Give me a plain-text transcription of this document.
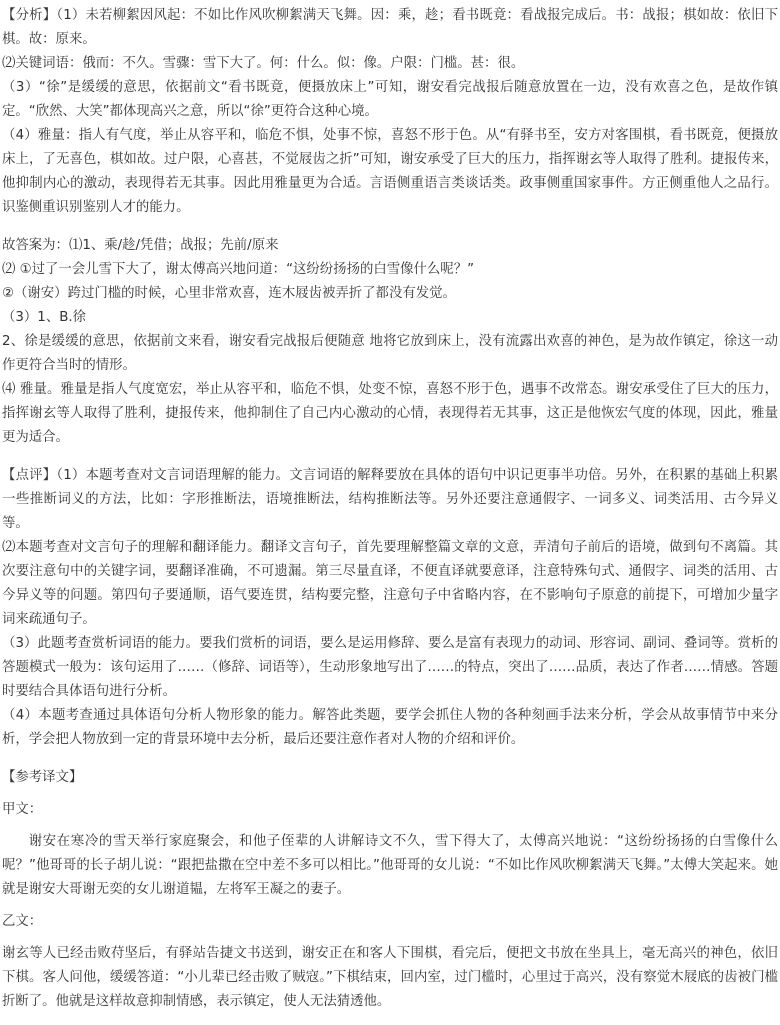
【分析】（1）未若柳絮因风起：不如比作风吹柳絮满天飞舞。因：乘，趁；看书既竟：看战报完成后。书：战报；棋如故：依旧下棋。故：原来。

⑵关键词语：俄而：不久。雪骤：雪下大了。何：什么。似：像。户限：门槛。甚：很。

（3）“徐”是缓缓的意思，依据前文“看书既竟，便摄放床上”可知，谢安看完战报后随意放置在一边，没有欢喜之色，是故作镇定。“欣然、大笑”都体现高兴之意，所以“徐”更符合这种心境。

（4）雅量：指人有气度，举止从容平和，临危不惧，处事不惊，喜怒不形于色。从“有驿书至，安方对客围棋，看书既竟，便摄放床上，了无喜色，棋如故。过户限，心喜甚，不觉屐齿之折”可知，谢安承受了巨大的压力，指挥谢玄等人取得了胜利。捷报传来，他抑制内心的激动，表现得若无其事。因此用雅量更为合适。言语侧重语言类谈话类。政事侧重国家事件。方正侧重他人之品行。识鉴侧重识别鉴别人才的能力。

故答案为：⑴1、乘/趁/凭借；战报；先前/原来

⑵ ①过了一会儿雪下大了，谢太傅高兴地问道：“这纷纷扬扬的白雪像什么呢？”

②（谢安）跨过门槛的时候，心里非常欢喜，连木屐齿被弄折了都没有发觉。

（3）1、B.徐

2、徐是缓缓的意思，依据前文来看，谢安看完战报后便随意 地将它放到床上，没有流露出欢喜的神色，是为故作镇定，徐这一动作更符合当时的情形。

⑷ 雅量。雅量是指人气度宽宏，举止从容平和，临危不惧，处变不惊，喜怒不形于色，遇事不改常态。谢安承受住了巨大的压力，指挥谢玄等人取得了胜利，捷报传来，他抑制住了自己内心激动的心情，表现得若无其事，这正是他恢宏气度的体现，因此，雅量更为适合。

【点评】（1）本题考查对文言词语理解的能力。文言词语的解释要放在具体的语句中识记更事半功倍。另外，在积累的基础上积累一些推断词义的方法，比如：字形推断法，语境推断法，结构推断法等。另外还要注意通假字、一词多义、词类活用、古今异义等。

⑵本题考查对文言句子的理解和翻译能力。翻译文言句子，首先要理解整篇文章的文意，弄清句子前后的语境，做到句不离篇。其次要注意句中的关键字词，要翻译准确，不可遗漏。第三尽量直译，不便直译就要意译，注意特殊句式、通假字、词类的活用、古今异义等的问题。第四句子要通顺，语气要连贯，结构要完整，注意句子中省略内容，在不影响句子原意的前提下，可增加少量字词来疏通句子。

（3）此题考查赏析词语的能力。要我们赏析的词语，要么是运用修辞、要么是富有表现力的动词、形容词、副词、叠词等。赏析的答题模式一般为：该句运用了……（修辞、词语等），生动形象地写出了……的特点，突出了……品质，表达了作者……情感。答题时要结合具体语句进行分析。

（4）本题考查通过具体语句分析人物形象的能力。解答此类题，要学会抓住人物的各种刻画手法来分析，学会从故事情节中来分析，学会把人物放到一定的背景环境中去分析，最后还要注意作者对人物的介绍和评价。

【参考译文】

甲文：

谢安在寒冷的雪天举行家庭聚会，和他子侄辈的人讲解诗文不久，雪下得大了，太傅高兴地说：“这纷纷扬扬的白雪像什么呢？”他哥哥的长子胡儿说：“跟把盐撒在空中差不多可以相比。”他哥哥的女儿说：“不如比作风吹柳絮满天飞舞。”太傅大笑起来。她就是谢安大哥谢无奕的女儿谢道韫，左将军王凝之的妻子。

乙文：

谢玄等人已经击败苻坚后，有驿站告捷文书送到，谢安正在和客人下围棋，看完后，便把文书放在坐具上，毫无高兴的神色，依旧下棋。客人问他，缓缓答道：“小儿辈已经击败了贼寇。”下棋结束，回内室，过门槛时，心里过于高兴，没有察觉木屐底的齿被门槛折断了。他就是这样故意抑制情感，表示镇定，使人无法猜透他。
